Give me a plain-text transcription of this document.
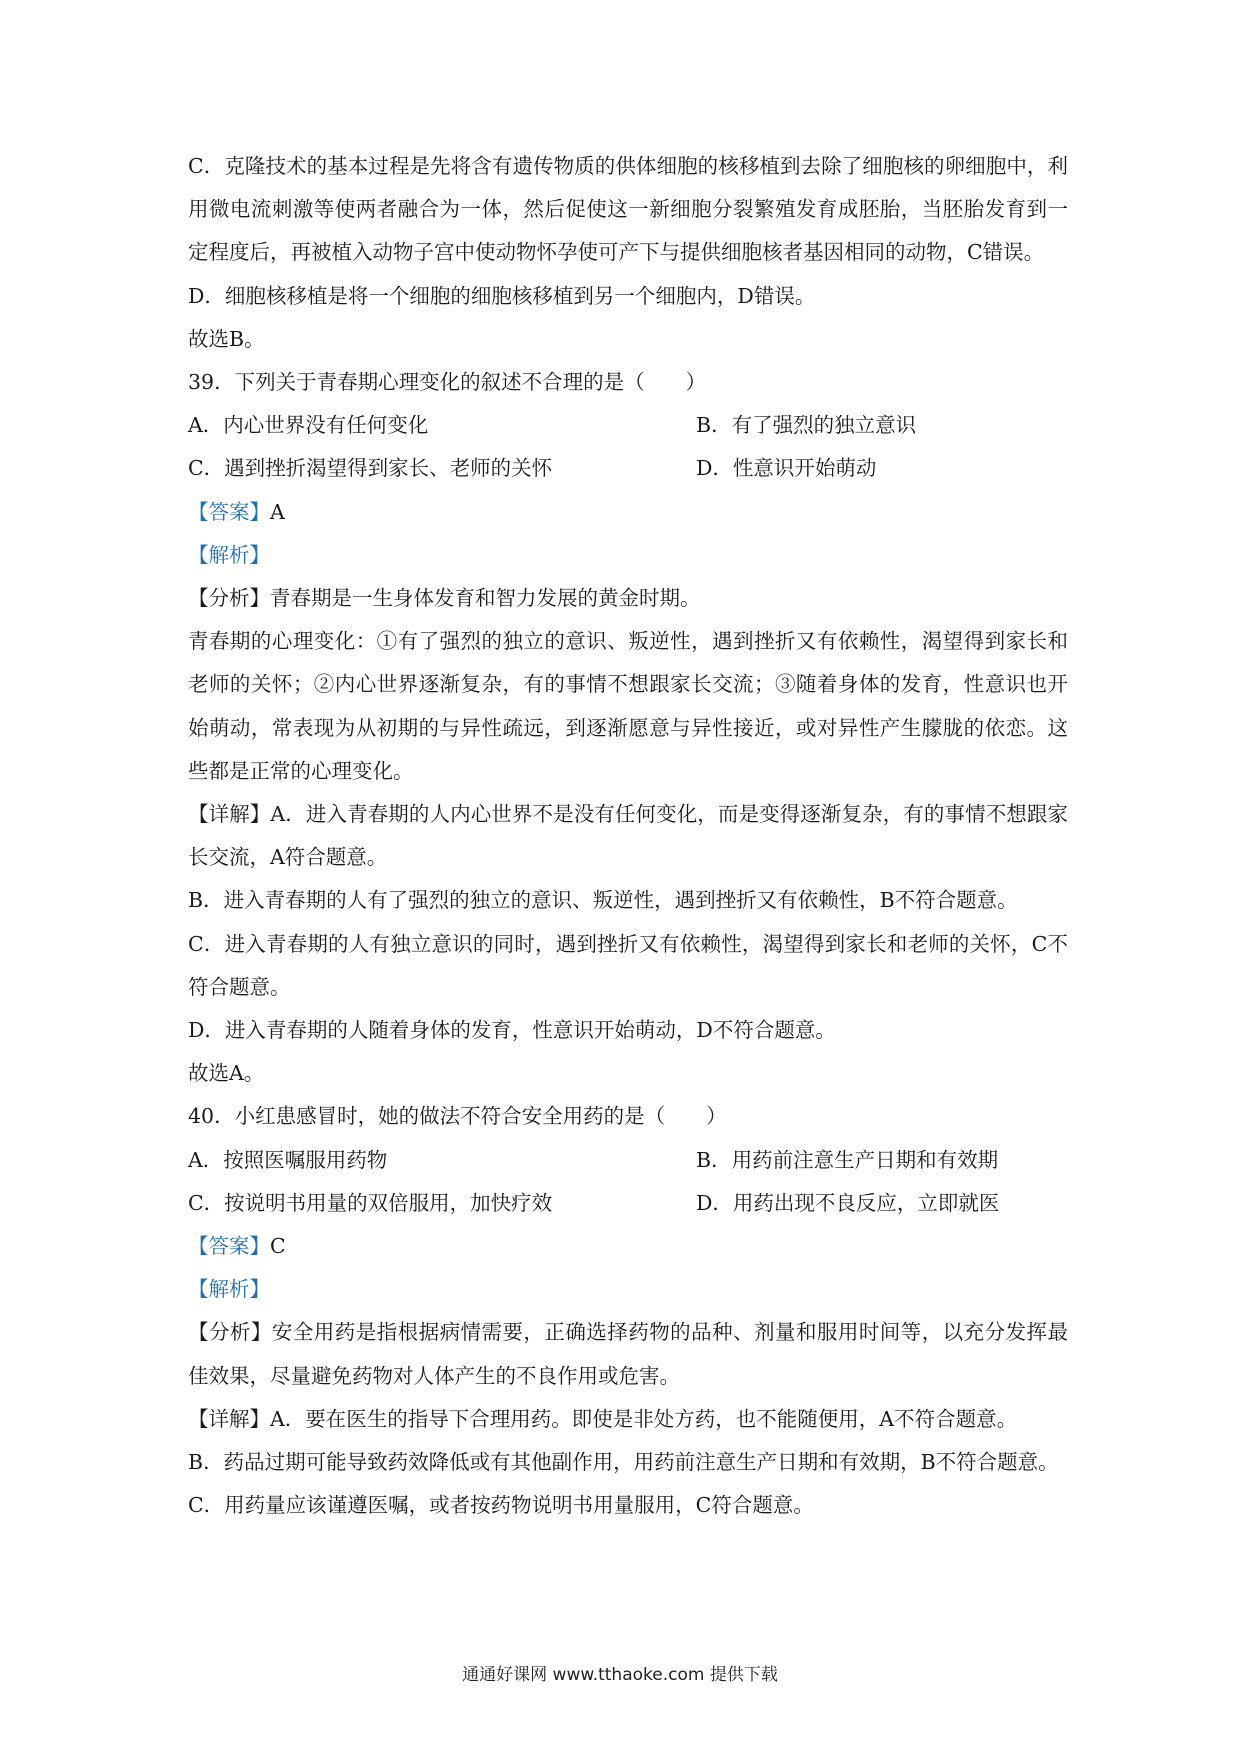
C．克隆技术的基本过程是先将含有遗传物质的供体细胞的核移植到去除了细胞核的卵细胞中，利用微电流刺激等使两者融合为一体，然后促使这一新细胞分裂繁殖发育成胚胎，当胚胎发育到一定程度后，再被植入动物子宫中使动物怀孕使可产下与提供细胞核者基因相同的动物，C错误。

D．细胞核移植是将一个细胞的细胞核移植到另一个细胞内，D错误。

故选B。

39．下列关于青春期心理变化的叙述不合理的是（　　）

A．内心世界没有任何变化	B．有了强烈的独立意识
C．遇到挫折渴望得到家长、老师的关怀	D．性意识开始萌动

【答案】A

【解析】

【分析】青春期是一生身体发育和智力发展的黄金时期。

青春期的心理变化：①有了强烈的独立的意识、叛逆性，遇到挫折又有依赖性，渴望得到家长和老师的关怀；②内心世界逐渐复杂，有的事情不想跟家长交流；③随着身体的发育，性意识也开始萌动，常表现为从初期的与异性疏远，到逐渐愿意与异性接近，或对异性产生朦胧的依恋。这些都是正常的心理变化。

【详解】A．进入青春期的人内心世界不是没有任何变化，而是变得逐渐复杂，有的事情不想跟家长交流，A符合题意。

B．进入青春期的人有了强烈的独立的意识、叛逆性，遇到挫折又有依赖性，B不符合题意。

C．进入青春期的人有独立意识的同时，遇到挫折又有依赖性，渴望得到家长和老师的关怀，C不符合题意。

D．进入青春期的人随着身体的发育，性意识开始萌动，D不符合题意。

故选A。

40．小红患感冒时，她的做法不符合安全用药的是（　　）

A．按照医嘱服用药物	B．用药前注意生产日期和有效期
C．按说明书用量的双倍服用，加快疗效	D．用药出现不良反应，立即就医

【答案】C

【解析】

【分析】安全用药是指根据病情需要，正确选择药物的品种、剂量和服用时间等，以充分发挥最佳效果，尽量避免药物对人体产生的不良作用或危害。

【详解】A．要在医生的指导下合理用药。即使是非处方药，也不能随便用，A不符合题意。

B．药品过期可能导致药效降低或有其他副作用，用药前注意生产日期和有效期，B不符合题意。

C．用药量应该谨遵医嘱，或者按药物说明书用量服用，C符合题意。

通通好课网 www.tthaoke.com 提供下载
